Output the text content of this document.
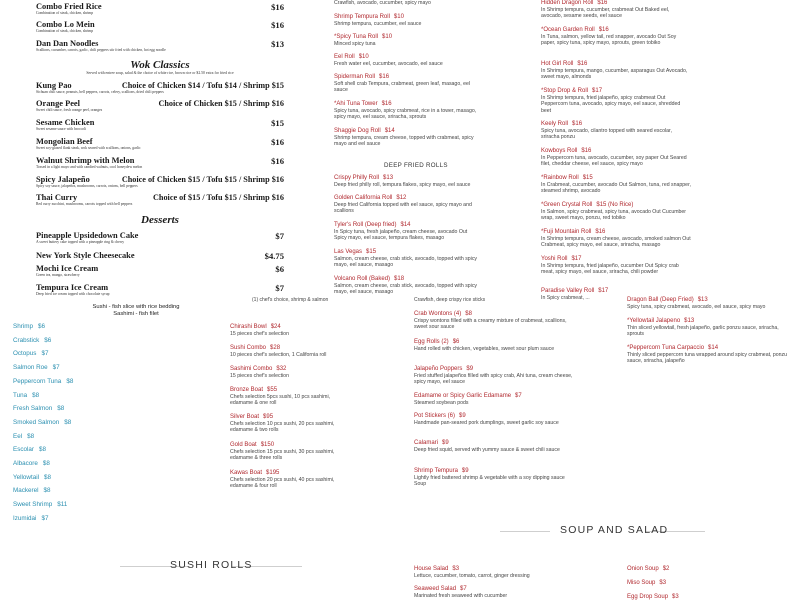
Combo Fried Rice
Combination of steak, chicken, shrimp
$16
Combo Lo Mein
Combination of steak, chicken, shrimp
$16
Dan Dan Noodles
Scallions, cucumber, carrots, garlic, chili peppers stir fried with chicken, hot egg noodle
$13
Wok Classics
Served with entree soup, salad & the choice of white rice, brown rice or $2.50 extra for fried rice
Kung Pao
Sichuan chili sauce, peanuts, bell peppers, carrots, celery, scallions, dried chili peppers
Choice of Chicken $14 / Tofu $14 / Shrimp $15
Orange Peel
Sweet chili sauce, fresh orange peel, oranges
Choice of Chicken $15 / Shrimp $16
Sesame Chicken
Sweet sesame sauce with broccoli
$15
Mongolian Beef
Sweet soy-glazed flank steak, wok seared with scallions, onions, garlic
$16
Walnut Shrimp with Melon
Tossed in a light mayo and with candied walnuts, cool honeydew melon
$16
Spicy Jalapeño
Spicy soy sauce, jalapeños, mushrooms, carrots, onions, bell peppers
Choice of Chicken $15 / Tofu $15 / Shrimp $16
Thai Curry
Red curry zucchini, mushrooms, carrots topped with bell peppers
Choice of $15 / Tofu $15 / Shrimp $16
Desserts
Pineapple Upsidedown Cake
A sweet buttery cake topped with a pineapple ring & cherry
$7
New York Style Cheesecake	$4.75
Mochi Ice Cream
Green tea, mango, strawberry
$6
Tempura Ice Cream
Deep fried ice cream topped with chocolate syrup
$7
Sushi - fish slice with rice bedding
Sashimi - fish filet
Shrimp $6
Crabstick $6
Octopus $7
Salmon Roe $7
Peppercorn Tuna $8
Tuna $8
Fresh Salmon $8
Smoked Salmon $8
Eel $8
Escolar $8
Albacore $8
Yellowtail $8
Mackerel $8
Sweet Shrimp $11
Izumidai $7
Crawfish, avocado, cucumber, spicy mayo
Shrimp Tempura Roll $10
Shrimp tempura, cucumber, eel sauce
*Spicy Tuna Roll $10
Minced spicy tuna
Eel Roll $10
Fresh water eel, cucumber, avocado, eel sauce
Spiderman Roll $16
Soft shell crab Tempura, crabmeat, green leaf, masago, eel sauce
*Ahi Tuna Tower $16
Spicy tuna, avocado, spicy crabmeat, rice in a tower, masago, spicy mayo, eel sauce, sriracha, sprouts
Shaggie Dog Roll $14
Shrimp tempura, cream cheese, topped with crabmeat, spicy mayo and eel sauce
DEEP FRIED ROLLS
Crispy Philly Roll $13
Deep fried philly roll, tempura flakes, spicy mayo, eel sauce
Golden California Roll $12
Deep fried California topped with eel sauce, spicy mayo and scallions
Tyler's Roll (Deep fried) $14
In Spicy tuna, fresh jalapeño, cream cheese, avocado Out Spicy mayo, eel sauce, tempura flakes, masago
Las Vegas $15
Salmon, cream cheese, crab stick, avocado, topped with spicy mayo, eel sauce, masago
Volcano Roll (Baked) $18
Salmon, cream cheese, crab stick, avocado, topped with spicy mayo, eel sauce, masago
(1) chef's choice, shrimp & salmon
Chirashi Bowl $24
15 pieces chef's selection
Sushi Combo $28
10 pieces chef's selection, 1 California roll
Sashimi Combo $32
15 pieces chef's selection
Bronze Boat $55
Chefs selection 5pcs sushi, 10 pcs sashimi, edamame & one roll
Silver Boat $95
Chefs selection 10 pcs sushi, 20 pcs sashimi, edamame & two rolls
Gold Boat $150
Chefs selection 15 pcs sushi, 30 pcs sashimi, edamame & three rolls
Kawas Boat $195
Chefs selection 20 pcs sushi, 40 pcs sashimi, edamame & four roll
SUSHI ROLLS
Crawfish, deep crispy rice sticks
Crab Wontons (4) $8
Crispy wontons filled with a creamy mixture of crabmeat, scallions, sweet sour sauce
Egg Rolls (2) $6
Hand rolled with chicken, vegetables, sweet sour plum sauce
Jalapeño Poppers $9
Fried stuffed jalapeños filled with spicy crab, Ahi tuna, cream cheese, spicy mayo, eel sauce
Edamame or Spicy Garlic Edamame $7
Steamed soybean pods
Pot Stickers (6) $9
Handmade pan-seared pork dumplings, sweet garlic soy sauce
Calamari $9
Deep fried squid, served with yummy sauce & sweet chili sauce
Shrimp Tempura $9
Lightly fried battered shrimp & vegetable with a soy dipping sauce Soup
SOUP AND SALAD
House Salad $3
Lettuce, cucumber, tomato, carrot, ginger dressing
Seaweed Salad $7
Marinated fresh seaweed with cucumber
Hidden Dragon Roll $16
In Shrimp tempura, cucumber, crabmeat Out Baked eel, avocado, sesame seeds, eel sauce
*Ocean Garden Roll $16
In Tuna, salmon, yellow tail, red snapper, avocado Out Soy paper, spicy tuna, spicy mayo, sprouts, green tobiko
Hot Girl Roll $16
In Shrimp tempura, mango, cucumber, asparagus Out Avocado, sweet mayo, almonds
*Stop Drop & Roll $17
In Shrimp tempura, fried jalapeño, spicy crabmeat Out Peppercorn tuna, avocado, spicy mayo, eel sauce, shredded beet
Keely Roll $16
Spicy tuna, avocado, cilantro topped with seared escolar, sriracha ponzu
Kowboys Roll $16
In Peppercorn tuna, avocado, cucumber, soy paper Out Seared filet, cheddar cheese, eel sauce, spicy mayo
*Rainbow Roll $15
In Crabmeat, cucumber, avocado Out Salmon, tuna, red snapper, steamed shrimp, avocado
*Green Crystal Roll $15 (No Rice)
In Salmon, spicy crabmeat, spicy tuna, avocado Out Cucumber wrap, sweet mayo, ponzu, red tobiko
*Fuji Mountain Roll $16
In Shrimp tempura, cream cheese, avocado, smoked salmon Out Crabmeat, spicy mayo, eel sauce, sriracha, masago
Yoshi Roll $17
In Shrimp tempura, fried jalapeño, cucumber Out Spicy crab meat, spicy mayo, eel sauce, sriracha, chili powder
Paradise Valley Roll $17
In Spicy crabmeat, ...	Dragon Ball (Deep Fried) $13
Spicy tuna, spicy crabmeat, avocado, eel sauce, spicy mayo
*Yellowtail Jalapeno $13
Thin sliced yellowtail, fresh jalapeño, garlic ponzu sauce, sriracha, sprouts
*Peppercorn Tuna Carpaccio $14
Thinly sliced peppercorn tuna wrapped around spicy crabmeat, ponzu sauce, sriracha, jalapeño
Onion Soup $2
Miso Soup $3
Egg Drop Soup $3
